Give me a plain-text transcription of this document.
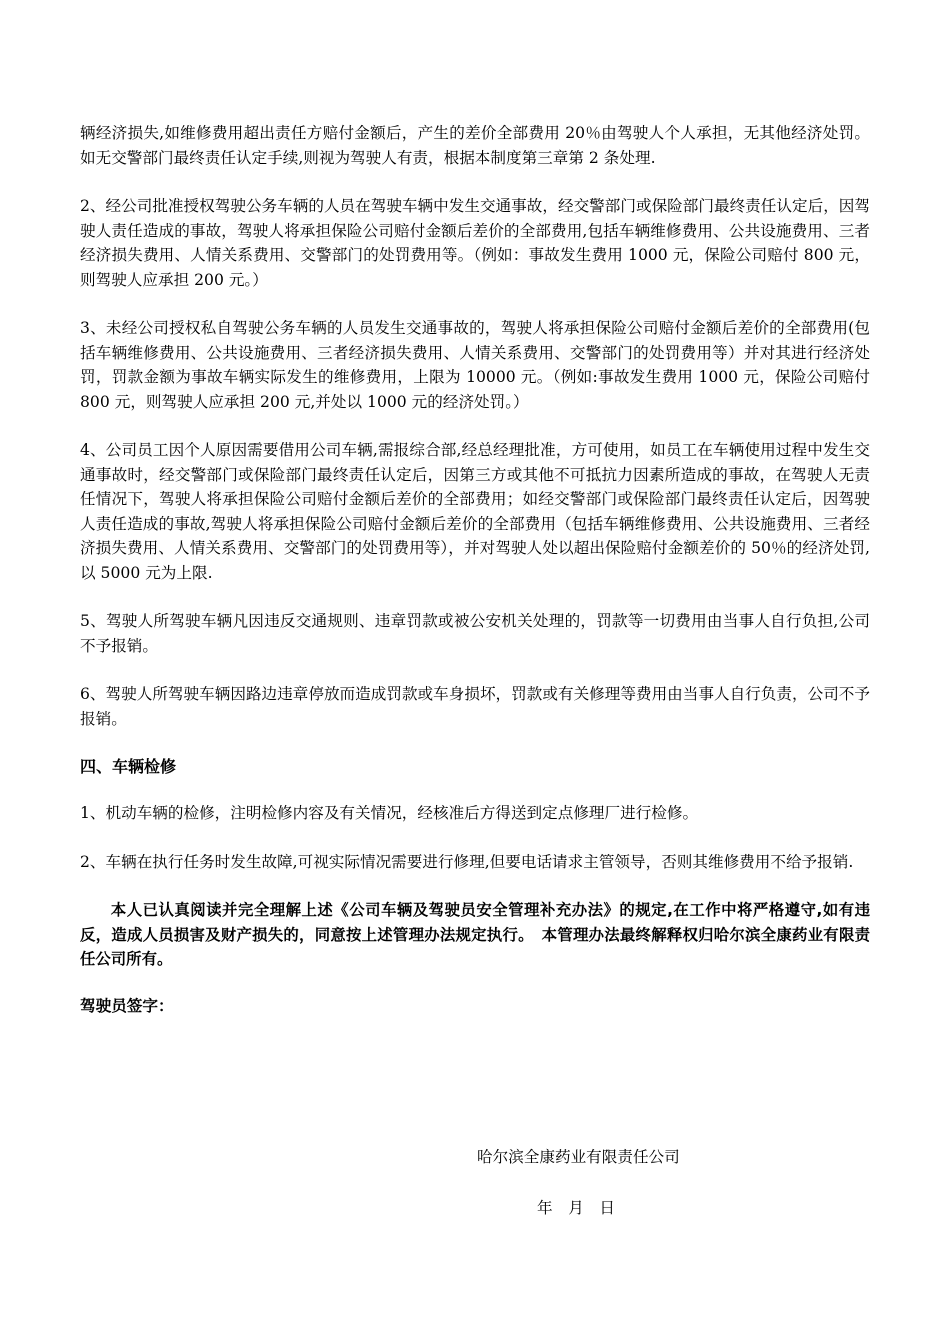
辆经济损失,如维修费用超出责任方赔付金额后，产生的差价全部费用 20％由驾驶人个人承担，无其他经济处罚。如无交警部门最终责任认定手续,则视为驾驶人有责，根据本制度第三章第 2 条处理.

2、经公司批准授权驾驶公务车辆的人员在驾驶车辆中发生交通事故，经交警部门或保险部门最终责任认定后，因驾驶人责任造成的事故，驾驶人将承担保险公司赔付金额后差价的全部费用,包括车辆维修费用、公共设施费用、三者经济损失费用、人情关系费用、交警部门的处罚费用等。（例如：事故发生费用 1000 元，保险公司赔付 800 元，则驾驶人应承担 200 元。）

3、未经公司授权私自驾驶公务车辆的人员发生交通事故的，驾驶人将承担保险公司赔付金额后差价的全部费用(包括车辆维修费用、公共设施费用、三者经济损失费用、人情关系费用、交警部门的处罚费用等）并对其进行经济处罚，罚款金额为事故车辆实际发生的维修费用，上限为 10000 元。（例如:事故发生费用 1000 元，保险公司赔付 800 元，则驾驶人应承担 200 元,并处以 1000 元的经济处罚。）

4、公司员工因个人原因需要借用公司车辆,需报综合部,经总经理批准，方可使用，如员工在车辆使用过程中发生交通事故时，经交警部门或保险部门最终责任认定后，因第三方或其他不可抵抗力因素所造成的事故，在驾驶人无责任情况下，驾驶人将承担保险公司赔付金额后差价的全部费用；如经交警部门或保险部门最终责任认定后，因驾驶人责任造成的事故,驾驶人将承担保险公司赔付金额后差价的全部费用（包括车辆维修费用、公共设施费用、三者经济损失费用、人情关系费用、交警部门的处罚费用等），并对驾驶人处以超出保险赔付金额差价的 50％的经济处罚,以 5000 元为上限.

5、驾驶人所驾驶车辆凡因违反交通规则、违章罚款或被公安机关处理的，罚款等一切费用由当事人自行负担,公司不予报销。

6、驾驶人所驾驶车辆因路边违章停放而造成罚款或车身损坏，罚款或有关修理等费用由当事人自行负责，公司不予报销。

四、车辆检修

1、机动车辆的检修，注明检修内容及有关情况，经核准后方得送到定点修理厂进行检修。

2、车辆在执行任务时发生故障,可视实际情况需要进行修理,但要电话请求主管领导，否则其维修费用不给予报销.

本人已认真阅读并完全理解上述《公司车辆及驾驶员安全管理补充办法》的规定,在工作中将严格遵守,如有违反，造成人员损害及财产损失的，同意按上述管理办法规定执行。　本管理办法最终解释权归哈尔滨全康药业有限责任公司所有。

驾驶员签字：

哈尔滨全康药业有限责任公司
年　月　日
